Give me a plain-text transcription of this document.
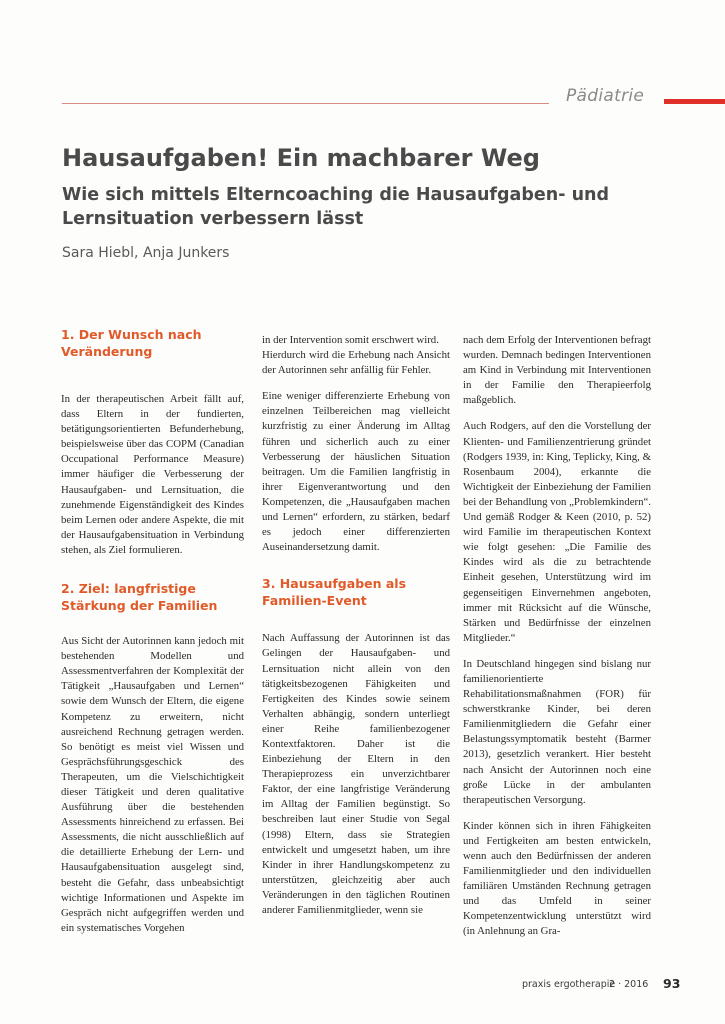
Pädiatrie
Hausaufgaben! Ein machbarer Weg
Wie sich mittels Elterncoaching die Hausaufgaben- und Lernsituation verbessern lässt
Sara Hiebl, Anja Junkers
1. Der Wunsch nach Veränderung

In der therapeutischen Arbeit fällt auf, dass Eltern in der fundierten, betätigungsorientierten Befunderhebung, beispielsweise über das COPM (Canadian Occupational Performance Measure) immer häufiger die Verbesserung der Hausaufgaben- und Lernsituation, die zunehmende Eigenständigkeit des Kindes beim Lernen oder andere Aspekte, die mit der Hausaufgabensituation in Verbindung stehen, als Ziel formulieren.

2. Ziel: langfristige Stärkung der Familien

Aus Sicht der Autorinnen kann jedoch mit bestehenden Modellen und Assessmentverfahren der Komplexität der Tätigkeit „Hausaufgaben und Lernen“ sowie dem Wunsch der Eltern, die eigene Kompetenz zu erweitern, nicht ausreichend Rechnung getragen werden. So benötigt es meist viel Wissen und Gesprächsführungsgeschick des Therapeuten, um die Vielschichtigkeit dieser Tätigkeit und deren qualitative Ausführung über die bestehenden Assessments hinreichend zu erfassen. Bei Assessments, die nicht ausschließlich auf die detaillierte Erhebung der Lern- und Hausaufgabensituation ausgelegt sind, besteht die Gefahr, dass unbeabsichtigt wichtige Informationen und Aspekte im Gespräch nicht aufgegriffen werden und ein systematisches Vorgehen

in der Intervention somit erschwert wird.

Hierdurch wird die Erhebung nach Ansicht der Autorinnen sehr anfällig für Fehler.

Eine weniger differenzierte Erhebung von einzelnen Teilbereichen mag vielleicht kurzfristig zu einer Änderung im Alltag führen und sicherlich auch zu einer Verbesserung der häuslichen Situation beitragen. Um die Familien langfristig in ihrer Eigenverantwortung und den Kompetenzen, die „Hausaufgaben machen und Lernen“ erfordern, zu stärken, bedarf es jedoch einer differenzierten Auseinandersetzung damit.

3. Hausaufgaben als Familien-Event

Nach Auffassung der Autorinnen ist das Gelingen der Hausaufgaben- und Lernsituation nicht allein von den tätigkeitsbezogenen Fähigkeiten und Fertigkeiten des Kindes sowie seinem Verhalten abhängig, sondern unterliegt einer Reihe familienbezogener Kontextfaktoren. Daher ist die Einbeziehung der Eltern in den Therapieprozess ein unverzichtbarer Faktor, der eine langfristige Veränderung im Alltag der Familien begünstigt. So beschreiben laut einer Studie von Segal (1998) Eltern, dass sie Strategien entwickelt und umgesetzt haben, um ihre Kinder in ihrer Handlungskompetenz zu unterstützen, gleichzeitig aber auch Veränderungen in den täglichen Routinen anderer Familienmitglieder, wenn sie

nach dem Erfolg der Interventionen befragt wurden. Demnach bedingen Interventionen am Kind in Verbindung mit Interventionen in der Familie den Therapieerfolg maßgeblich.

Auch Rodgers, auf den die Vorstellung der Klienten- und Familienzentrierung gründet (Rodgers 1939, in: King, Teplicky, King, & Rosenbaum 2004), erkannte die Wichtigkeit der Einbeziehung der Familien bei der Behandlung von „Problemkindern“. Und gemäß Rodger & Keen (2010, p. 52) wird Familie im therapeutischen Kontext wie folgt gesehen: „Die Familie des Kindes wird als die zu betrachtende Einheit gesehen, Unterstützung wird im gegenseitigen Einvernehmen angeboten, immer mit Rücksicht auf die Wünsche, Stärken und Bedürfnisse der einzelnen Mitglieder.“

In Deutschland hingegen sind bislang nur familienorientierte Rehabilitationsmaßnahmen (FOR) für schwerstkranke Kinder, bei deren Familienmitgliedern die Gefahr einer Belastungssymptomatik besteht (Barmer 2013), gesetzlich verankert. Hier besteht nach Ansicht der Autorinnen noch eine große Lücke in der ambulanten therapeutischen Versorgung.

Kinder können sich in ihren Fähigkeiten und Fertigkeiten am besten entwickeln, wenn auch den Bedürfnissen der anderen Familienmitglieder und den individuellen familiären Umständen Rechnung getragen und das Umfeld in seiner Kompetenzentwicklung unterstützt wird (in Anlehnung an Gra-

praxis ergotherapie
2 · 2016 93
